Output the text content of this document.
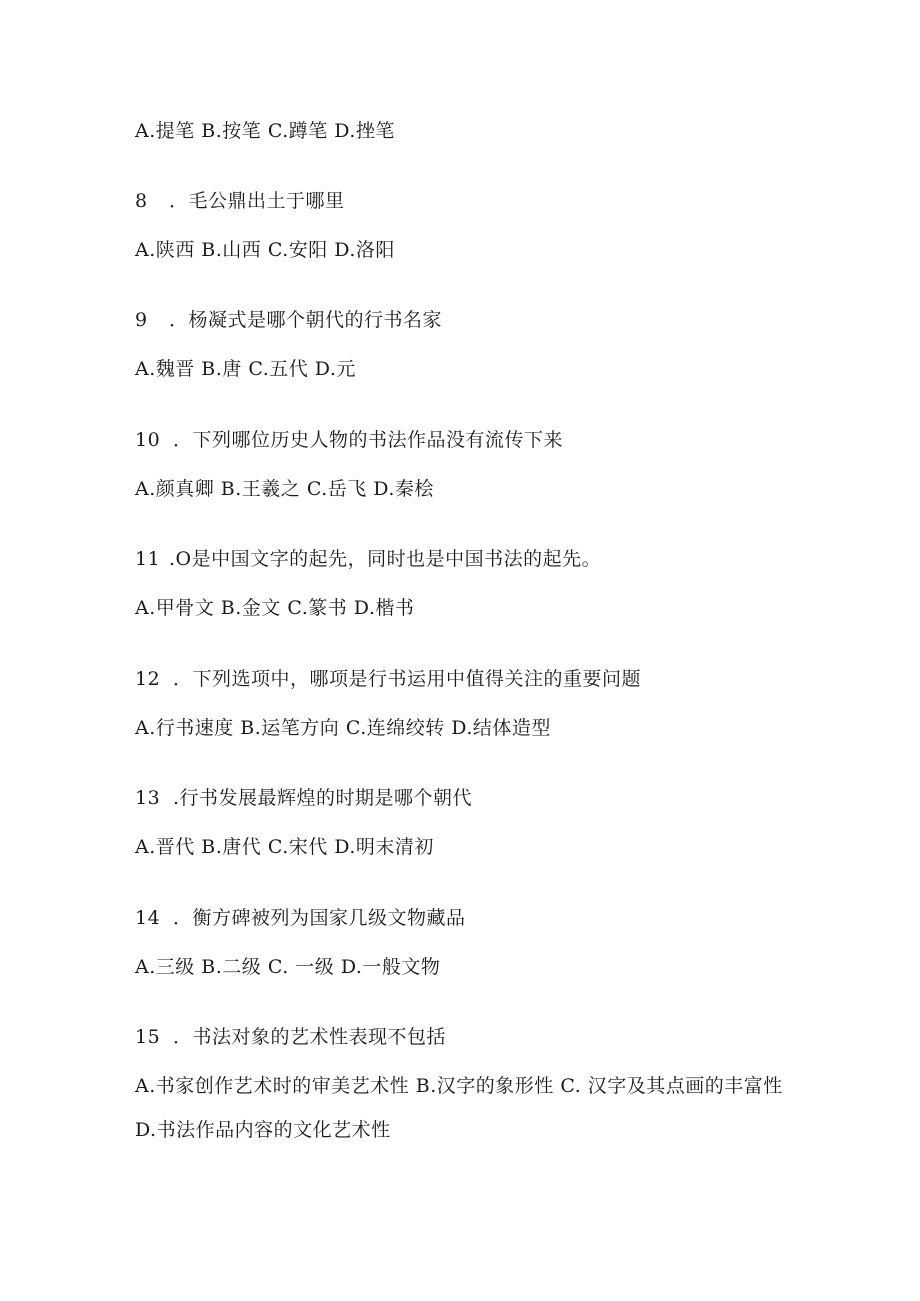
A.提笔 B.按笔 C.蹲笔 D.挫笔
8 ．毛公鼎出土于哪里
A.陕西 B.山西 C.安阳 D.洛阳
9 ．杨凝式是哪个朝代的行书名家
A.魏晋 B.唐 C.五代 D.元
10 ．下列哪位历史人物的书法作品没有流传下来
A.颜真卿 B.王羲之 C.岳飞 D.秦桧
11 .O是中国文字的起先，同时也是中国书法的起先。
A.甲骨文 B.金文 C.篆书 D.楷书
12 ．下列选项中，哪项是行书运用中值得关注的重要问题
A.行书速度 B.运笔方向 C.连绵绞转 D.结体造型
13 .行书发展最辉煌的时期是哪个朝代
A.晋代 B.唐代 C.宋代 D.明末清初
14 ．衡方碑被列为国家几级文物藏品
A.三级 B.二级 C. 一级 D.一般文物
15 ．书法对象的艺术性表现不包括
A.书家创作艺术时的审美艺术性 B.汉字的象形性 C. 汉字及其点画的丰富性 D.书法作品内容的文化艺术性
